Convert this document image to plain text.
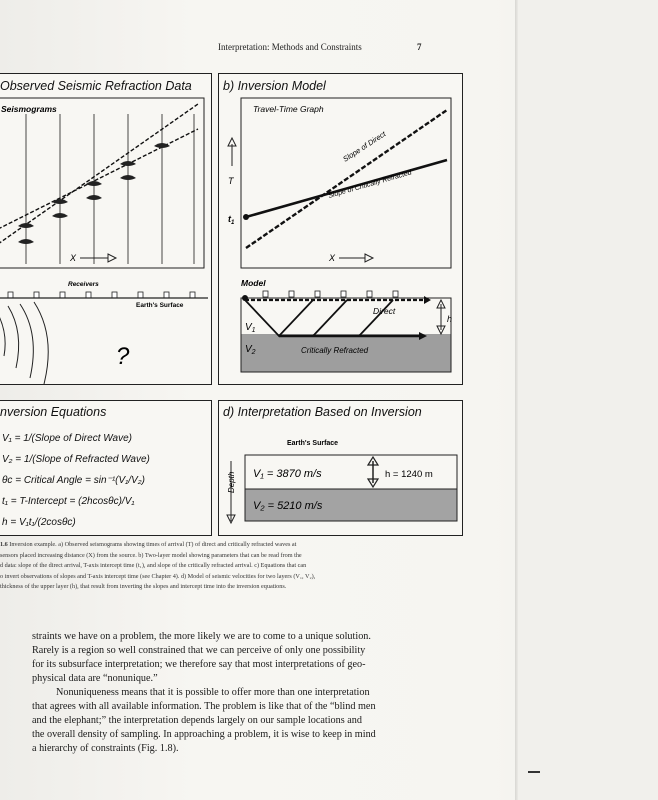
Interpretation: Methods and Constraints	7
Observed Seismic Refraction Data
Seismograms
X
Receivers
Earth's Surface
?
b) Inversion Model
Travel-Time Graph
T
$t_1$
Slope of Critically Refracted
Slope of Direct
X
Model
Direct
$V_1$
$V_2$	Critically Refracted
h
nversion Equations
V₁ = 1/(Slope of Direct Wave)
V₂ = 1/(Slope of Refracted Wave)
θc = Critical Angle = sin⁻¹(V₁/V₂)
t₁ = T-Intercept = (2hcosθc)/V₁
h = V₁t₁/(2cosθc)
d) Interpretation Based on Inversion
Earth's Surface
Depth V₁ = 3870 m/s
V₂ = 5210 m/s
h = 1240 m
1.6 Inversion example. a) Observed seismograms showing times of arrival (T) of direct and critically refracted waves at
sensors placed increasing distance (X) from the source. b) Two-layer model showing parameters that can be read from the
d data: slope of the direct arrival, T-axis intercept time (t₁), and slope of the critically refracted arrival. c) Equations that can
o invert observations of slopes and T-axis intercept time (see Chapter 4). d) Model of seismic velocities for two layers (V₁, V₂),
thickness of the upper layer (h), that result from inverting the slopes and intercept time into the inversion equations.

straints we have on a problem, the more likely we are to come to a unique solution.

Rarely is a region so well constrained that we can perceive of only one possibility

for its subsurface interpretation; we therefore say that most interpretations of geo-

physical data are “nonunique.”

Nonuniqueness means that it is possible to offer more than one interpretation

that agrees with all available information. The problem is like that of the “blind men

and the elephant;” the interpretation depends largely on our sample locations and

the overall density of sampling. In approaching a problem, it is wise to keep in mind

a hierarchy of constraints (Fig. 1.8).
